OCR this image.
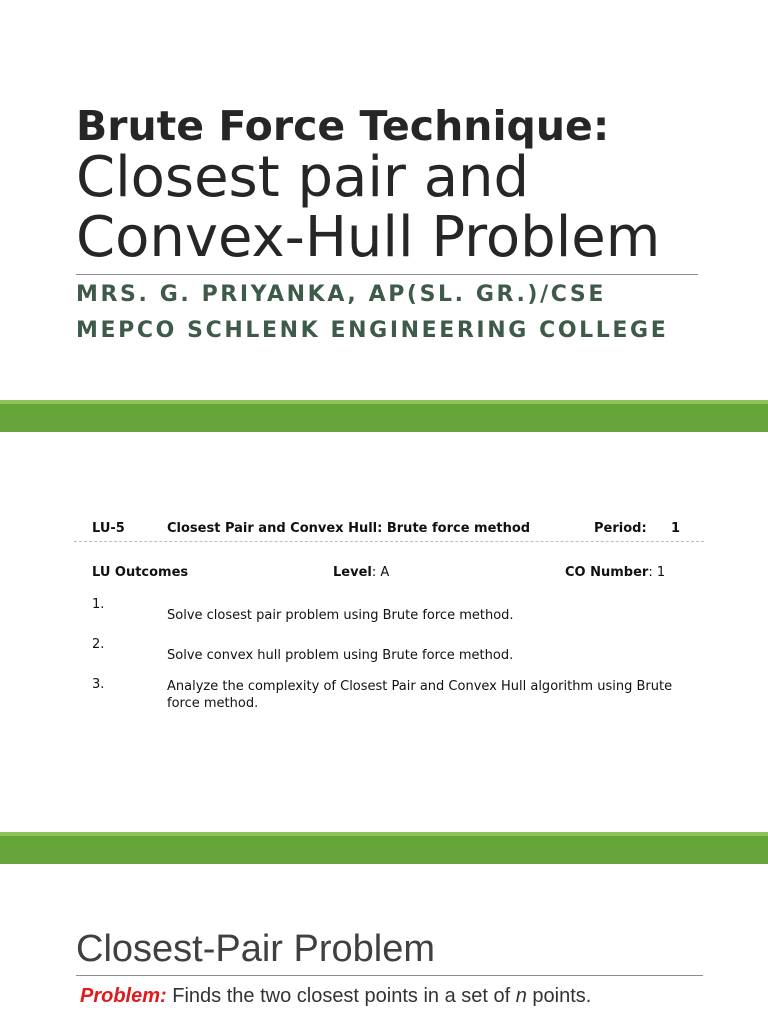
Brute Force Technique:
Closest pair and
Convex-Hull Problem
MRS. G. PRIYANKA, AP(SL. GR.)/CSE
MEPCO SCHLENK ENGINEERING COLLEGE
LU-5	Closest Pair and Convex Hull: Brute force method	Period: 1
LU Outcomes	Level: A	CO Number: 1
1.
Solve closest pair problem using Brute force method.
2.
Solve convex hull problem using Brute force method.
3.	Analyze the complexity of Closest Pair and Convex Hull algorithm using Brute force method.
Closest-Pair Problem
Problem: Finds the two closest points in a set of n points.
